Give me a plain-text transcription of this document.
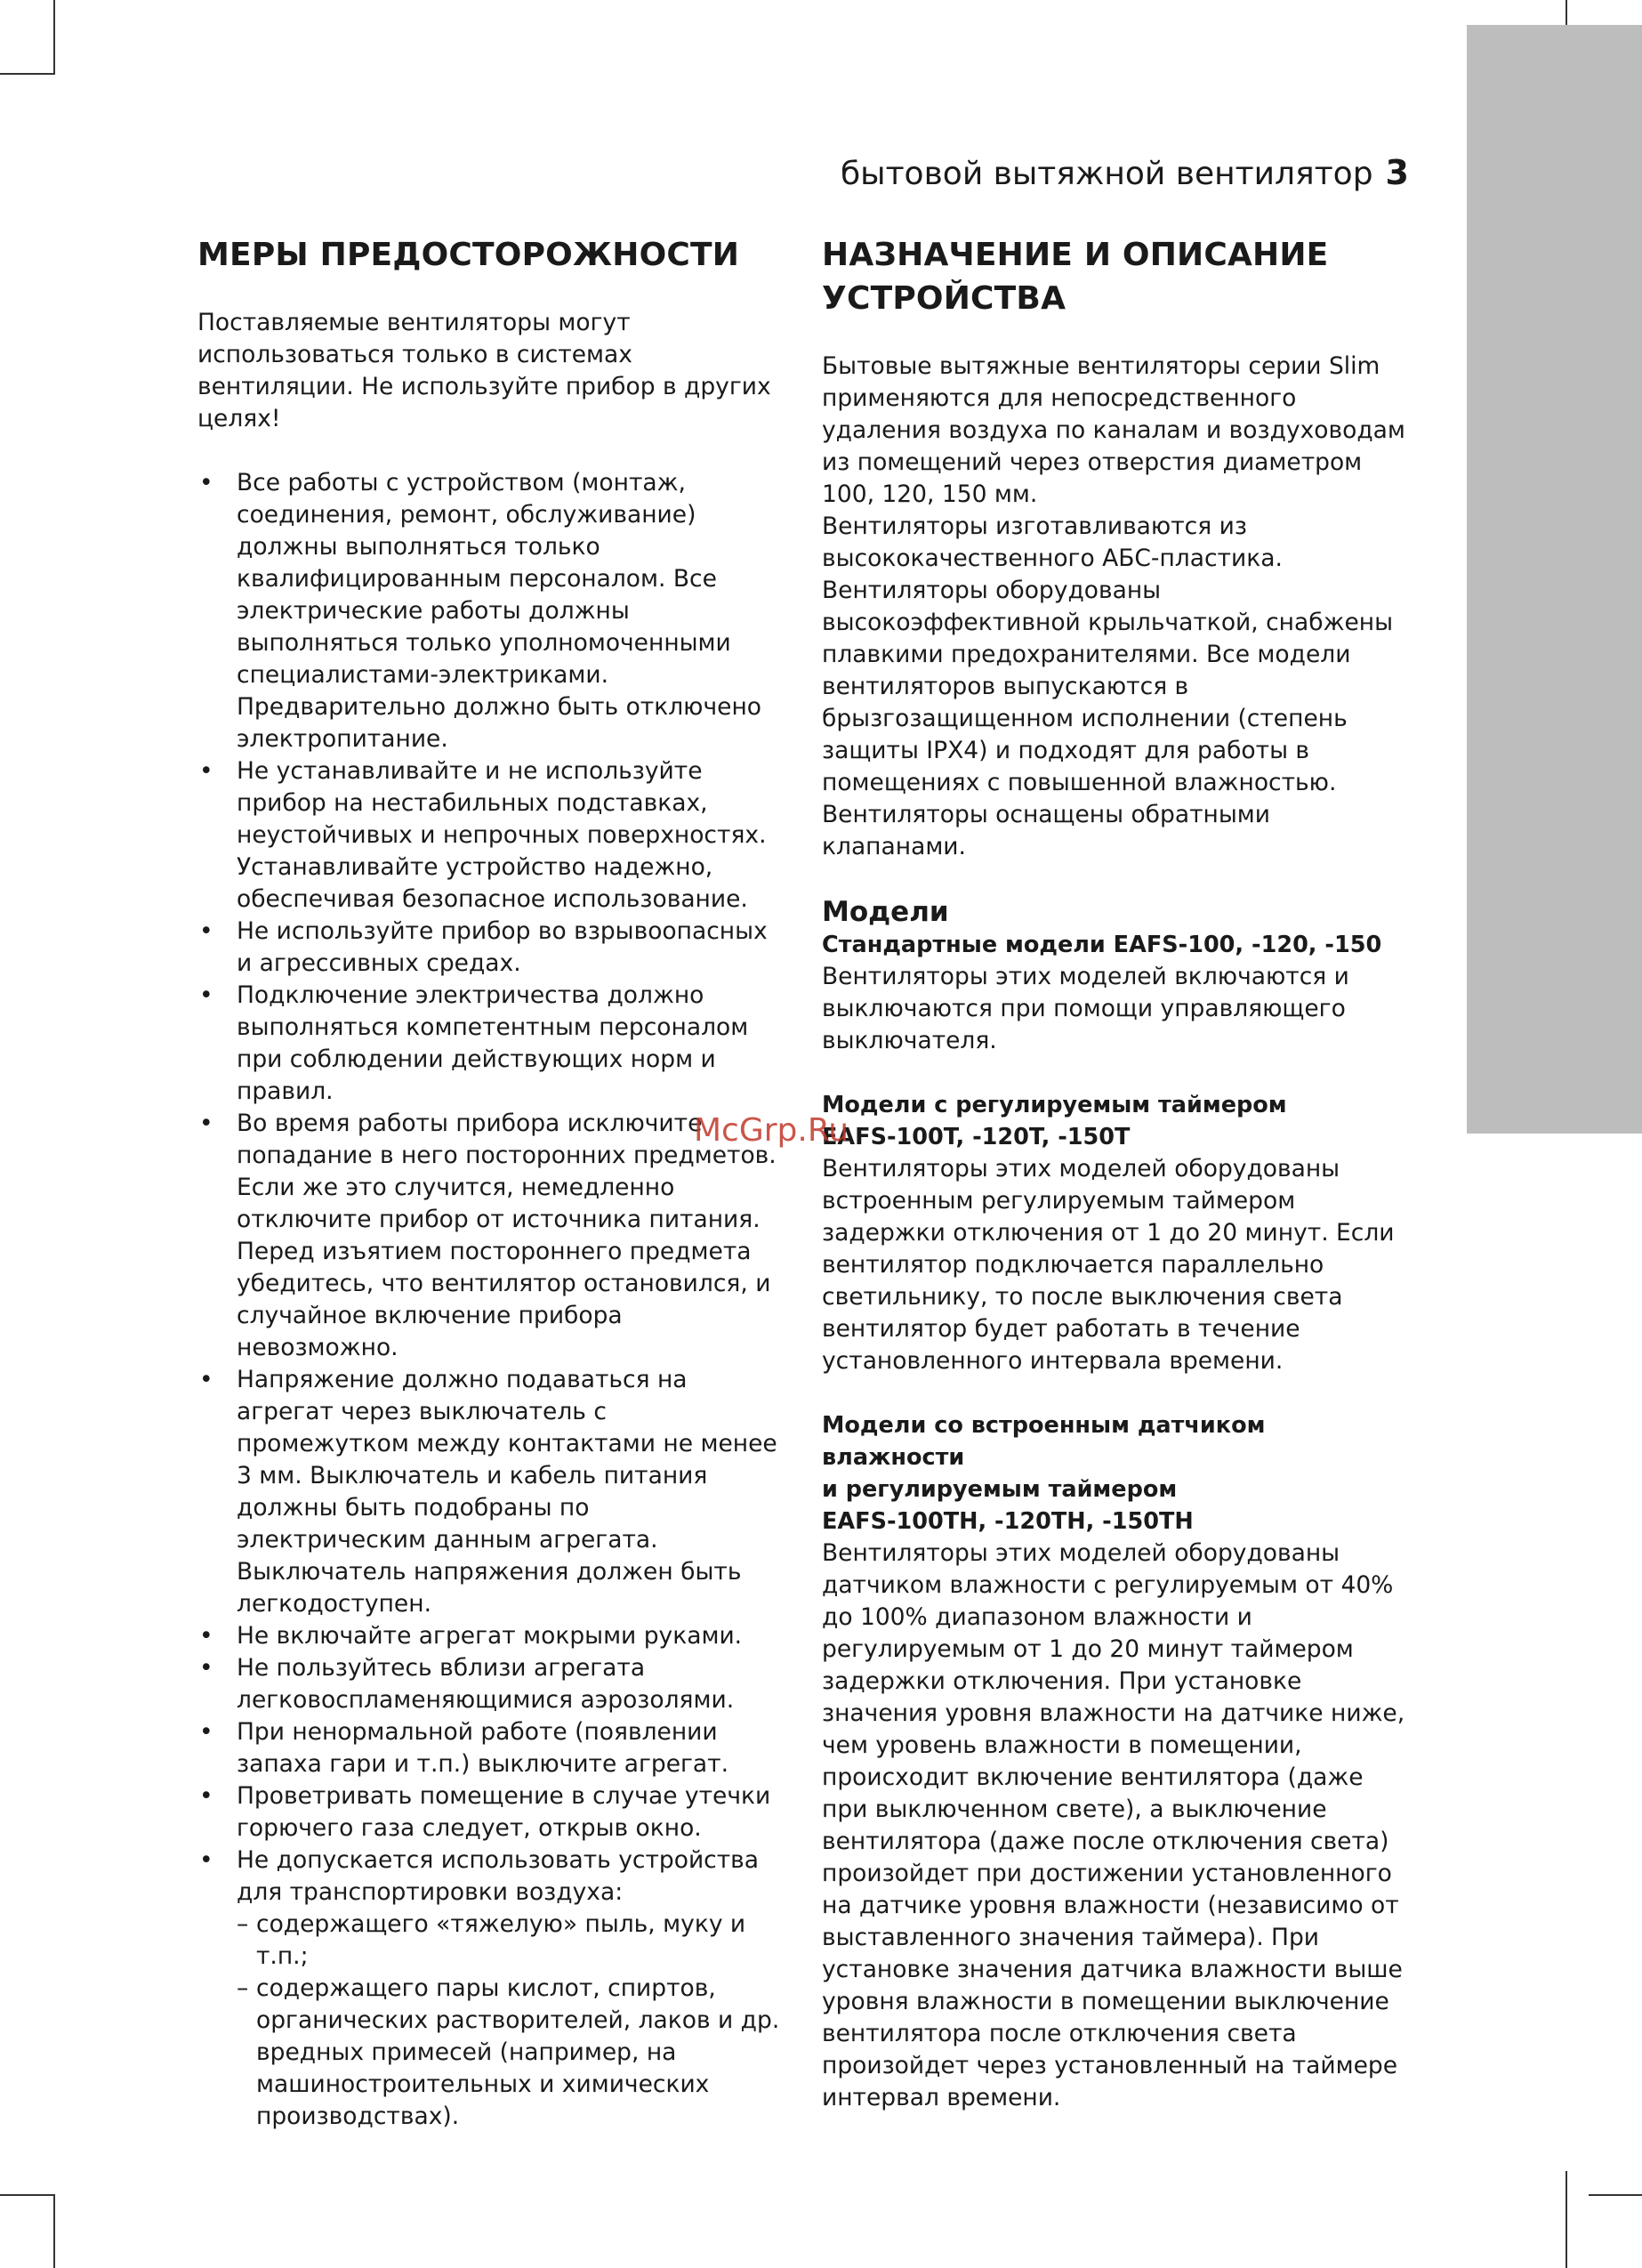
бытовой вытяжной вентилятор 3
МЕРЫ ПРЕДОСТОРОЖНОСТИ

Поставляемые вентиляторы могут использоваться только в системах вентиляции. Не используйте прибор в других целях!

• Все работы с устройством (монтаж, соединения, ремонт, обслуживание) должны выполняться только квалифицированным персоналом. Все электрические работы должны выполняться только уполномоченными специалистами-электриками. Предварительно должно быть отключено электропитание.
• Не устанавливайте и не используйте прибор на нестабильных подставках, неустойчивых и непрочных поверхностях. Устанавливайте устройство надежно, обеспечивая безопасное использование.
• Не используйте прибор во взрывоопасных и агрессивных средах.
• Подключение электричества должно выполняться компетентным персоналом при соблюдении действующих норм и правил.
• Во время работы прибора исключите попадание в него посторонних предметов. Если же это случится, немедленно отключите прибор от источника питания. Перед изъятием постороннего предмета убедитесь, что вентилятор остановился, и случайное включение прибора невозможно.
• Напряжение должно подаваться на агрегат через выключатель с промежутком между контактами не менее 3 мм. Выключатель и кабель питания должны быть подобраны по электрическим данным агрегата. Выключатель напряжения должен быть легкодоступен.
• Не включайте агрегат мокрыми руками.
• Не пользуйтесь вблизи агрегата легковоспламеняющимися аэрозолями.
• При ненормальной работе (появлении запаха гари и т.п.) выключите агрегат.
• Проветривать помещение в случае утечки горючего газа следует, открыв окно.
• Не допускается использовать устройства для транспортировки воздуха:
– содержащего «тяжелую» пыль, муку и т.п.;
– содержащего пары кислот, спиртов, органических растворителей, лаков и др. вредных примесей (например, на машиностроительных и химических производствах).
НАЗНАЧЕНИЕ И ОПИСАНИЕ УСТРОЙСТВА

Бытовые вытяжные вентиляторы серии Slim применяются для непосредственного удаления воздуха по каналам и воздуховодам из помещений через отверстия диаметром 100, 120, 150 мм.

Вентиляторы изготавливаются из высококачественного АБС-пластика. Вентиляторы оборудованы высокоэффективной крыльчаткой, снабжены плавкими предохранителями. Все модели вентиляторов выпускаются в брызгозащищенном исполнении (степень защиты IPX4) и подходят для работы в помещениях с повышенной влажностью.

Вентиляторы оснащены обратными клапанами.

Модели
Стандартные модели EAFS-100, -120, -150

Вентиляторы этих моделей включаются и выключаются при помощи управляющего выключателя.

Модели с регулируемым таймером
EAFS-100T, -120T, -150T

Вентиляторы этих моделей оборудованы встроенным регулируемым таймером задержки отключения от 1 до 20 минут. Если вентилятор подключается параллельно светильнику, то после выключения света вентилятор будет работать в течение установленного интервала времени.

Модели со встроенным датчиком влажности
и регулируемым таймером
EAFS-100TH, -120TH, -150TH

Вентиляторы этих моделей оборудованы датчиком влажности с регулируемым от 40% до 100% диапазоном влажности и регулируемым от 1 до 20 минут таймером задержки отключения. При установке значения уровня влажности на датчике ниже, чем уровень влажности в помещении, происходит включение вентилятора (даже при выключенном свете), а выключение вентилятора (даже после отключения света) произойдет при достижении установленного на датчике уровня влажности (независимо от выставленного значения таймера). При установке значения датчика влажности выше уровня влажности в помещении выключение вентилятора после отключения света произойдет через установленный на таймере интервал времени.

McGrp.Ru
